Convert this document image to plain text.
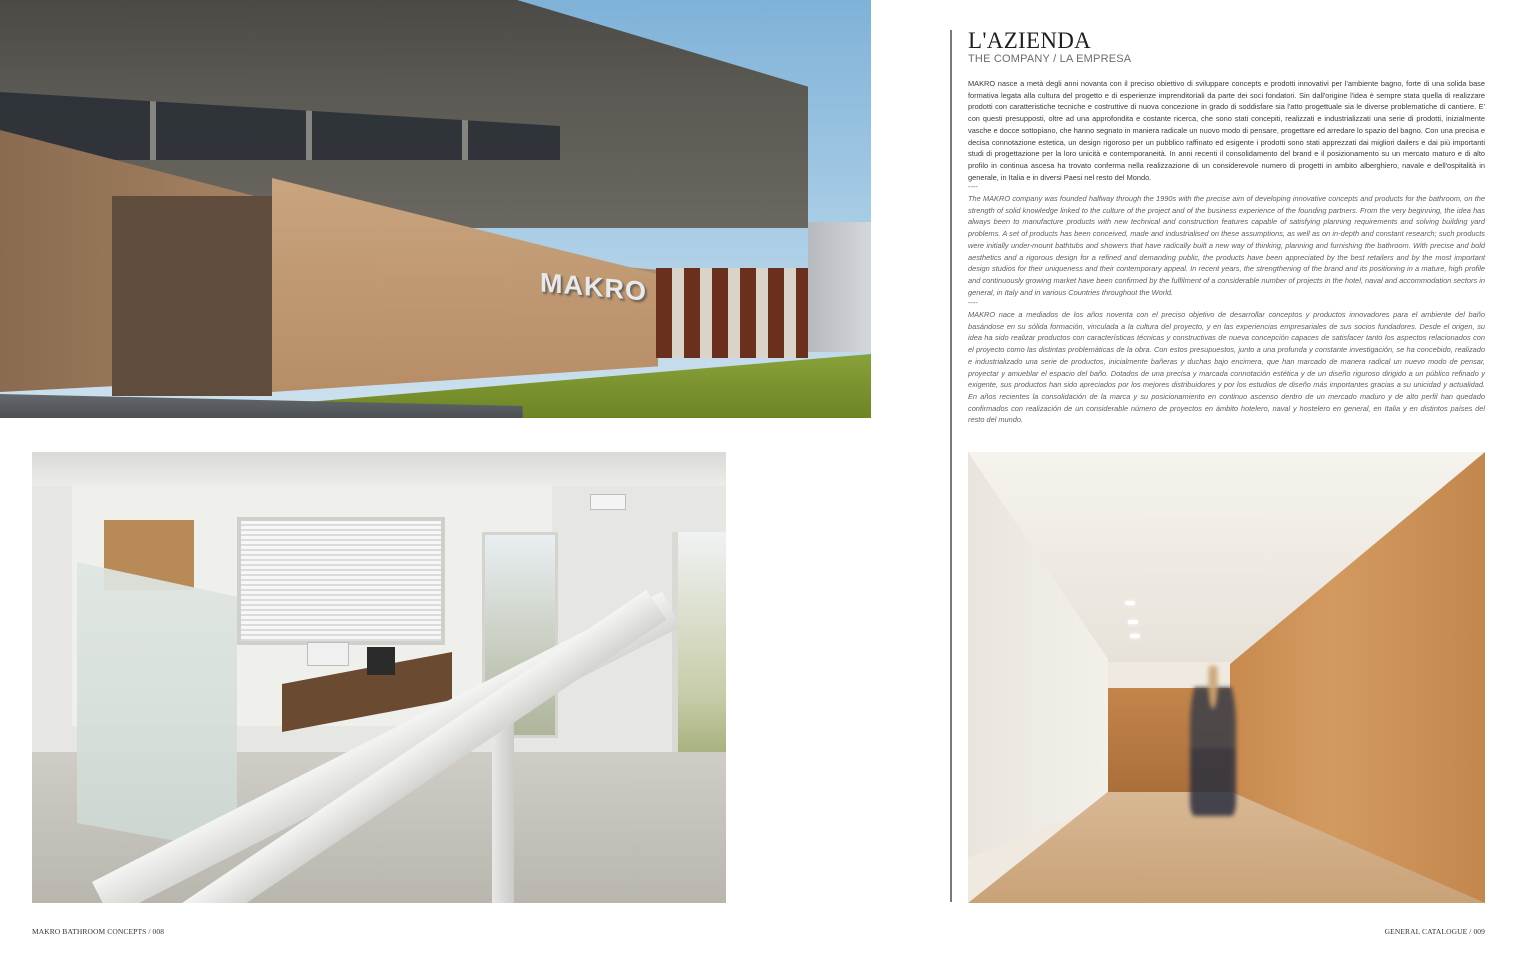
MAKRO
L'AZIENDA
THE COMPANY / LA EMPRESA

MAKRO nasce a metà degli anni novanta con il preciso obiettivo di sviluppare concepts e prodotti innovativi per l'ambiente bagno, forte di una solida base formativa legata alla cultura del progetto e di esperienze imprenditoriali da parte dei soci fondatori. Sin dall'origine l'idea è sempre stata quella di realizzare prodotti con caratteristiche tecniche e costruttive di nuova concezione in grado di soddisfare sia l'atto progettuale sia le diverse problematiche di cantiere. E' con questi presupposti, oltre ad una approfondita e costante ricerca, che sono stati concepiti, realizzati e industrializzati una serie di prodotti, inizialmente vasche e docce sottopiano, che hanno segnato in maniera radicale un nuovo modo di pensare, progettare ed arredare lo spazio del bagno. Con una precisa e decisa connotazione estetica, un design rigoroso per un pubblico raffinato ed esigente i prodotti sono stati apprezzati dai migliori dailers e dai più importanti studi di progettazione per la loro unicità e contemporaneità. In anni recenti il consolidamento del brand e il posizionamento su un mercato maturo e di alto profilo in continua ascesa ha trovato conferma nella realizzazione di un considerevole numero di progetti in ambito alberghiero, navale e dell'ospitalità in generale, in Italia e in diversi Paesi nel resto del Mondo.

----

The MAKRO company was founded halfway through the 1990s with the precise aim of developing innovative concepts and products for the bathroom, on the strength of solid knowledge linked to the culture of the project and of the business experience of the founding partners. From the very beginning, the idea has always been to manufacture products with new technical and construction features capable of satisfying planning requirements and solving building yard problems. A set of products has been conceived, made and industrialised on these assumptions, as well as on in-depth and constant research; such products were initially under-mount bathtubs and showers that have radically built a new way of thinking, planning and furnishing the bathroom. With precise and bold aesthetics and a rigorous design for a refined and demanding public, the products have been appreciated by the best retailers and by the most important design studios for their uniqueness and their contemporary appeal. In recent years, the strengthening of the brand and its positioning in a mature, high profile and continuously growing market have been confirmed by the fulfilment of a considerable number of projects in the hotel, naval and accommodation sectors in general, in Italy and in various Countries throughout the World.

----

MAKRO nace a mediados de los años noventa con el preciso objetivo de desarrollar conceptos y productos innovadores para el ambiente del baño basándose en su sólida formación, vinculada a la cultura del proyecto, y en las experiencias empresariales de sus socios fundadores. Desde el origen, su idea ha sido realizar productos con características técnicas y constructivas de nueva concepción capaces de satisfacer tanto los aspectos relacionados con el proyecto como las distintas problemáticas de la obra. Con estos presupuestos, junto a una profunda y constante investigación, se ha concebido, realizado e industrializado una serie de productos, inicialmente bañeras y duchas bajo encimera, que han marcado de manera radical un nuevo modo de pensar, proyectar y amueblar el espacio del baño. Dotados de una precisa y marcada connotación estética y de un diseño riguroso dirigido a un público refinado y exigente, sus productos han sido apreciados por los mejores distribuidores y por los estudios de diseño más importantes gracias a su unicidad y actualidad. En años recientes la consolidación de la marca y su posicionamiento en continuo ascenso dentro de un mercado maduro y de alto perfil han quedado confirmados con realización de un considerable número de proyectos en ámbito hotelero, naval y hostelero en general, en Italia y en distintos países del resto del mundo.

MAKRO BATHROOM CONCEPTS / 008	GENERAL CATALOGUE / 009
